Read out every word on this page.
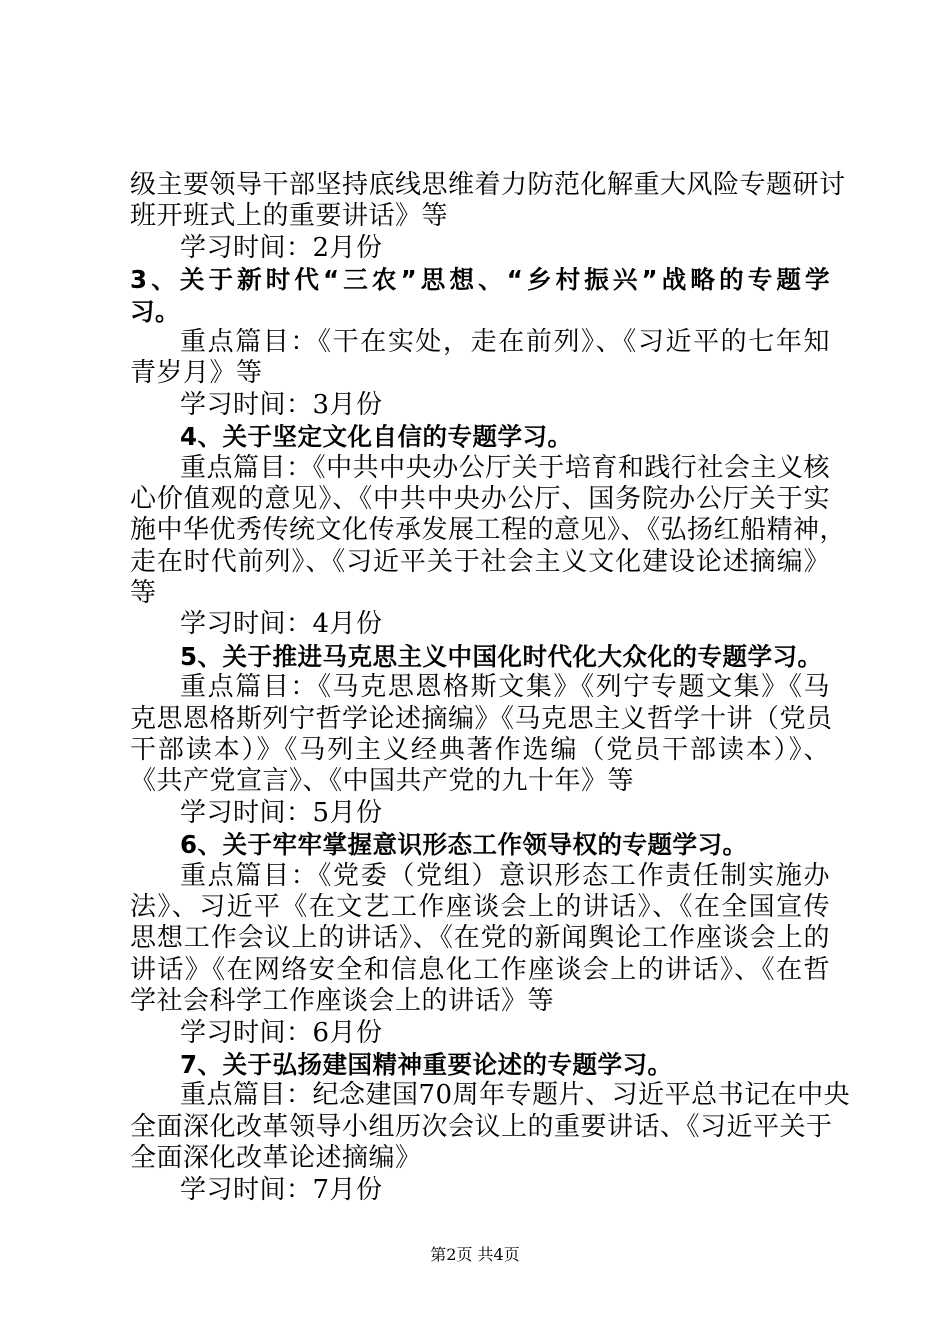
级主要领导干部坚持底线思维着力防范化解重大风险专题研讨
班开班式上的重要讲话》等
学习时间：2月份
3、关于新时代“三农”思想、“乡村振兴”战略的专题学
习。
重点篇目：《干在实处，走在前列》、《习近平的七年知
青岁月》等
学习时间：3月份
4、关于坚定文化自信的专题学习。
重点篇目：《中共中央办公厅关于培育和践行社会主义核
心价值观的意见》、《中共中央办公厅、国务院办公厅关于实
施中华优秀传统文化传承发展工程的意见》、《弘扬红船精神，
走在时代前列》、《习近平关于社会主义文化建设论述摘编》
等
学习时间：4月份
5、关于推进马克思主义中国化时代化大众化的专题学习。
重点篇目：《马克思恩格斯文集》《列宁专题文集》《马
克思恩格斯列宁哲学论述摘编》《马克思主义哲学十讲（党员
干部读本）》《马列主义经典著作选编（党员干部读本）》、
《共产党宣言》、《中国共产党的九十年》等
学习时间：5月份
6、关于牢牢掌握意识形态工作领导权的专题学习。
重点篇目：《党委（党组）意识形态工作责任制实施办
法》、习近平《在文艺工作座谈会上的讲话》、《在全国宣传
思想工作会议上的讲话》、《在党的新闻舆论工作座谈会上的
讲话》《在网络安全和信息化工作座谈会上的讲话》、《在哲
学社会科学工作座谈会上的讲话》等
学习时间：6月份
7、关于弘扬建国精神重要论述的专题学习。
重点篇目：纪念建国70周年专题片、习近平总书记在中央
全面深化改革领导小组历次会议上的重要讲话、《习近平关于
全面深化改革论述摘编》
学习时间：7月份
第2页 共4页
